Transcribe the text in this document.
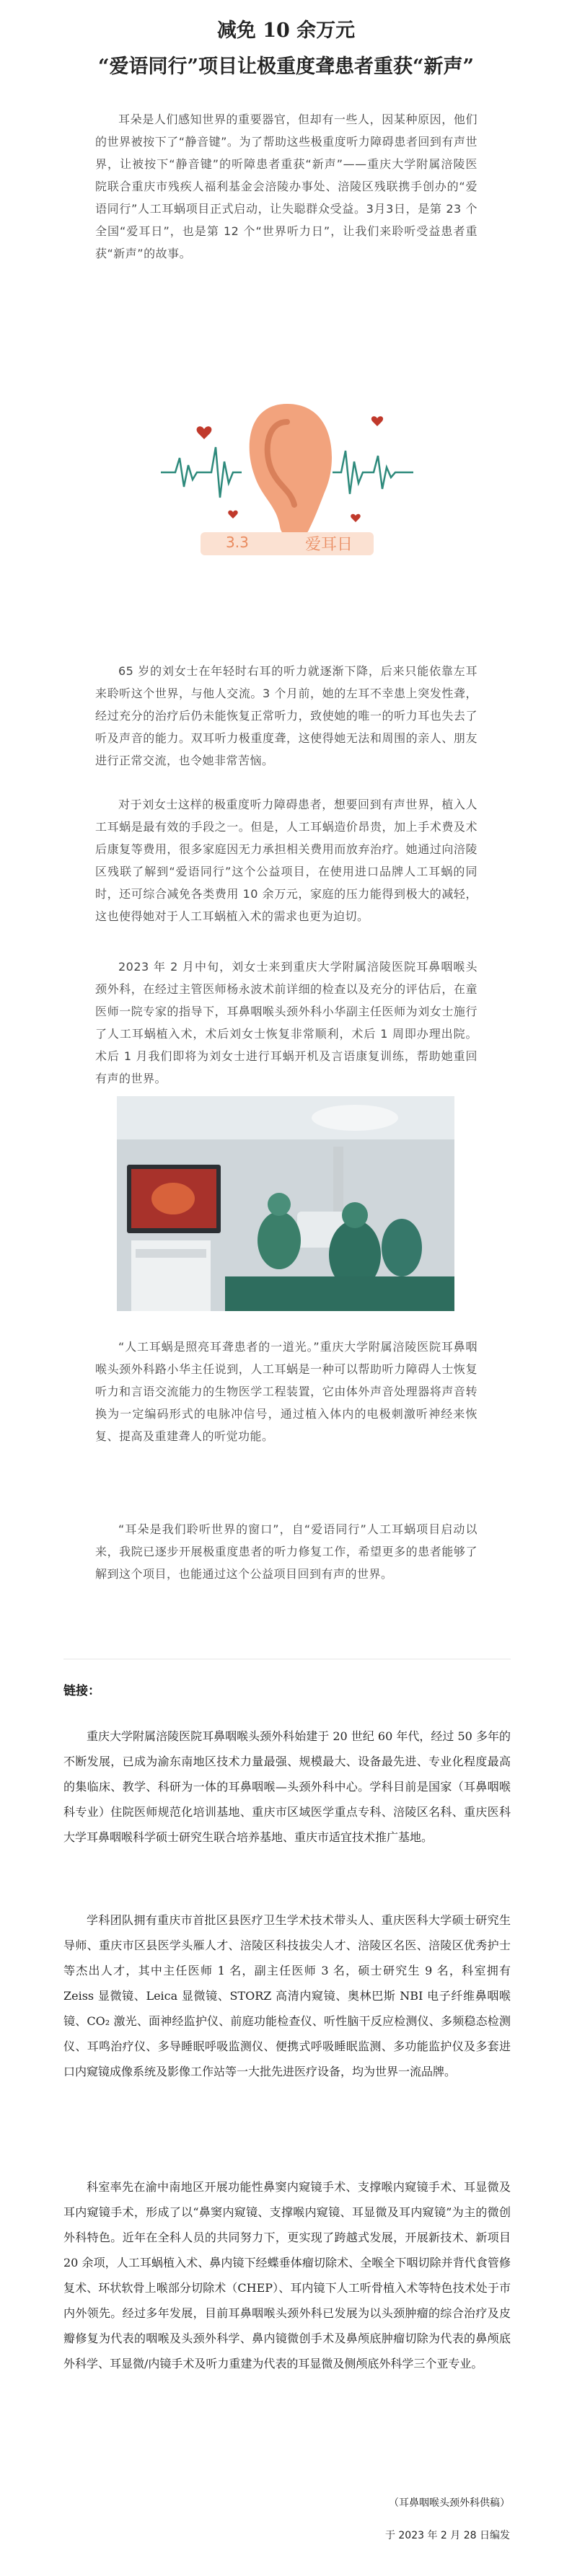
减免 10 余万元
“爱语同行”项目让极重度聋患者重获“新声”

耳朵是人们感知世界的重要器官，但却有一些人，因某种原因，他们的世界被按下了“静音键”。为了帮助这些极重度听力障碍患者回到有声世界，让被按下“静音键”的听障患者重获“新声”——重庆大学附属涪陵医院联合重庆市残疾人福利基金会涪陵办事处、涪陵区残联携手创办的“爱语同行”人工耳蜗项目正式启动，让失聪群众受益。3月3日，是第 23 个全国“爱耳日”，也是第 12 个“世界听力日”，让我们来聆听受益患者重获“新声”的故事。

3.3	爱耳日

65 岁的刘女士在年轻时右耳的听力就逐渐下降，后来只能依靠左耳来聆听这个世界，与他人交流。3 个月前，她的左耳不幸患上突发性聋，经过充分的治疗后仍未能恢复正常听力，致使她的唯一的听力耳也失去了听及声音的能力。双耳听力极重度聋，这使得她无法和周围的亲人、朋友进行正常交流，也令她非常苦恼。

对于刘女士这样的极重度听力障碍患者，想要回到有声世界，植入人工耳蜗是最有效的手段之一。但是，人工耳蜗造价昂贵，加上手术费及术后康复等费用，很多家庭因无力承担相关费用而放弃治疗。她通过向涪陵区残联了解到“爱语同行”这个公益项目，在使用进口品牌人工耳蜗的同时，还可综合减免各类费用 10 余万元，家庭的压力能得到极大的减轻，这也使得她对于人工耳蜗植入术的需求也更为迫切。

2023 年 2 月中旬，刘女士来到重庆大学附属涪陵医院耳鼻咽喉头颈外科，在经过主管医师杨永波术前详细的检查以及充分的评估后，在童医师一院专家的指导下，耳鼻咽喉头颈外科小华副主任医师为刘女士施行了人工耳蜗植入术，术后刘女士恢复非常顺利，术后 1 周即办理出院。术后 1 月我们即将为刘女士进行耳蜗开机及言语康复训练，帮助她重回有声的世界。

“人工耳蜗是照亮耳聋患者的一道光。”重庆大学附属涪陵医院耳鼻咽喉头颈外科路小华主任说到，人工耳蜗是一种可以帮助听力障碍人士恢复听力和言语交流能力的生物医学工程装置，它由体外声音处理器将声音转换为一定编码形式的电脉冲信号，通过植入体内的电极刺激听神经来恢复、提高及重建聋人的听觉功能。

“耳朵是我们聆听世界的窗口”，自“爱语同行”人工耳蜗项目启动以来，我院已逐步开展极重度患者的听力修复工作，希望更多的患者能够了解到这个项目，也能通过这个公益项目回到有声的世界。

链接：

重庆大学附属涪陵医院耳鼻咽喉头颈外科始建于 20 世纪 60 年代，经过 50 多年的不断发展，已成为渝东南地区技术力量最强、规模最大、设备最先进、专业化程度最高的集临床、教学、科研为一体的耳鼻咽喉—头颈外科中心。学科目前是国家（耳鼻咽喉科专业）住院医师规范化培训基地、重庆市区域医学重点专科、涪陵区名科、重庆医科大学耳鼻咽喉科学硕士研究生联合培养基地、重庆市适宜技术推广基地。

学科团队拥有重庆市首批区县医疗卫生学术技术带头人、重庆医科大学硕士研究生导师、重庆市区县医学头雁人才、涪陵区科技拔尖人才、涪陵区名医、涪陵区优秀护士等杰出人才，其中主任医师 1 名，副主任医师 3 名，硕士研究生 9 名，科室拥有 Zeiss 显微镜、Leica 显微镜、STORZ 高清内窥镜、奥林巴斯 NBI 电子纤维鼻咽喉镜、CO₂ 激光、面神经监护仪、前庭功能检查仪、听性脑干反应检测仪、多频稳态检测仪、耳鸣治疗仪、多导睡眠呼吸监测仪、便携式呼吸睡眠监测、多功能监护仪及多套进口内窥镜成像系统及影像工作站等一大批先进医疗设备，均为世界一流品牌。

科室率先在渝中南地区开展功能性鼻窦内窥镜手术、支撑喉内窥镜手术、耳显微及耳内窥镜手术，形成了以“鼻窦内窥镜、支撑喉内窥镜、耳显微及耳内窥镜”为主的微创外科特色。近年在全科人员的共同努力下，更实现了跨越式发展，开展新技术、新项目 20 余项，人工耳蜗植入术、鼻内镜下经蝶垂体瘤切除术、全喉全下咽切除并背代食管修复术、环状软骨上喉部分切除术（CHEP）、耳内镜下人工听骨植入术等特色技术处于市内外领先。经过多年发展，目前耳鼻咽喉头颈外科已发展为以头颈肿瘤的综合治疗及皮瓣修复为代表的咽喉及头颈外科学、鼻内镜微创手术及鼻颅底肿瘤切除为代表的鼻颅底外科学、耳显微/内镜手术及听力重建为代表的耳显微及侧颅底外科学三个亚专业。

（耳鼻咽喉头颈外科供稿）
于 2023 年 2 月 28 日编发
